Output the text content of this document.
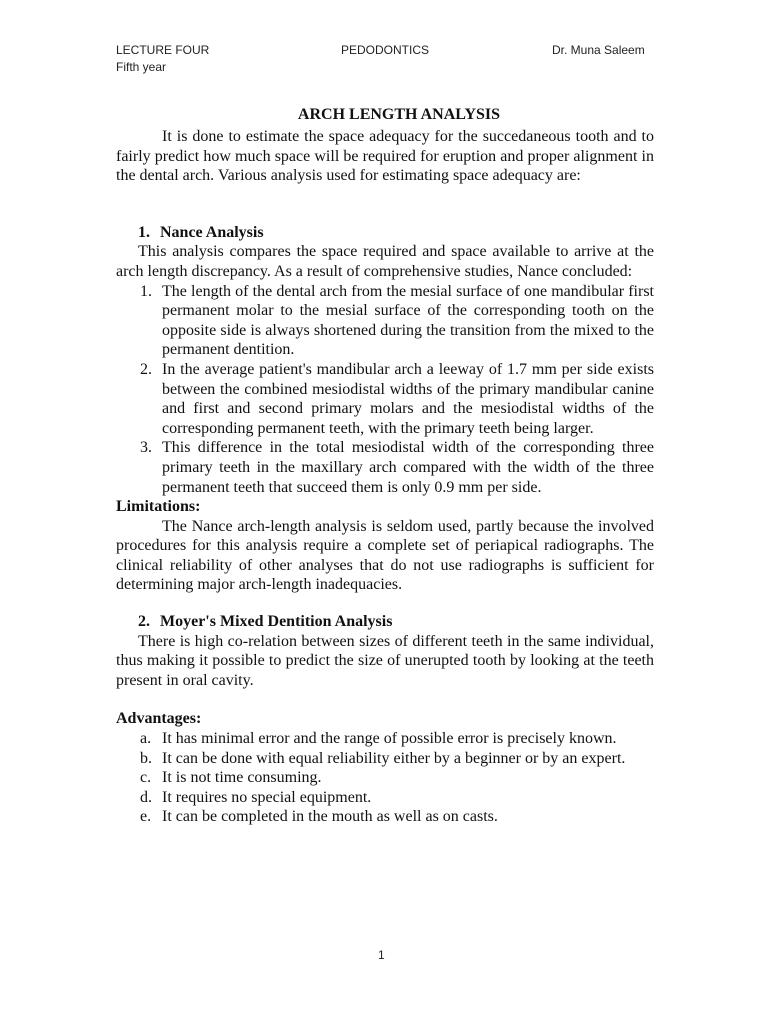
LECTURE FOUR
Fifth year
PEDODONTICS	Dr. Muna Saleem

ARCH LENGTH ANALYSIS

It is done to estimate the space adequacy for the succedaneous tooth and to fairly predict how much space will be required for eruption and proper alignment in the dental arch. Various analysis used for estimating space adequacy are:

1. Nance Analysis

This analysis compares the space required and space available to arrive at the arch length discrepancy. As a result of comprehensive studies, Nance concluded:

1. The length of the dental arch from the mesial surface of one mandibular first permanent molar to the mesial surface of the corresponding tooth on the opposite side is always shortened during the transition from the mixed to the permanent dentition.
2. In the average patient's mandibular arch a leeway of 1.7 mm per side exists between the combined mesiodistal widths of the primary mandibular canine and first and second primary molars and the mesiodistal widths of the corresponding permanent teeth, with the primary teeth being larger.
3. This difference in the total mesiodistal width of the corresponding three primary teeth in the maxillary arch compared with the width of the three permanent teeth that succeed them is only 0.9 mm per side.

Limitations:

The Nance arch-length analysis is seldom used, partly because the involved procedures for this analysis require a complete set of periapical radiographs. The clinical reliability of other analyses that do not use radiographs is sufficient for determining major arch-length inadequacies.

2. Moyer's Mixed Dentition Analysis

There is high co-relation between sizes of different teeth in the same individual, thus making it possible to predict the size of unerupted tooth by looking at the teeth present in oral cavity.

Advantages:

a. It has minimal error and the range of possible error is precisely known.
b. It can be done with equal reliability either by a beginner or by an expert.
c. It is not time consuming.
d. It requires no special equipment.
e. It can be completed in the mouth as well as on casts.
1
